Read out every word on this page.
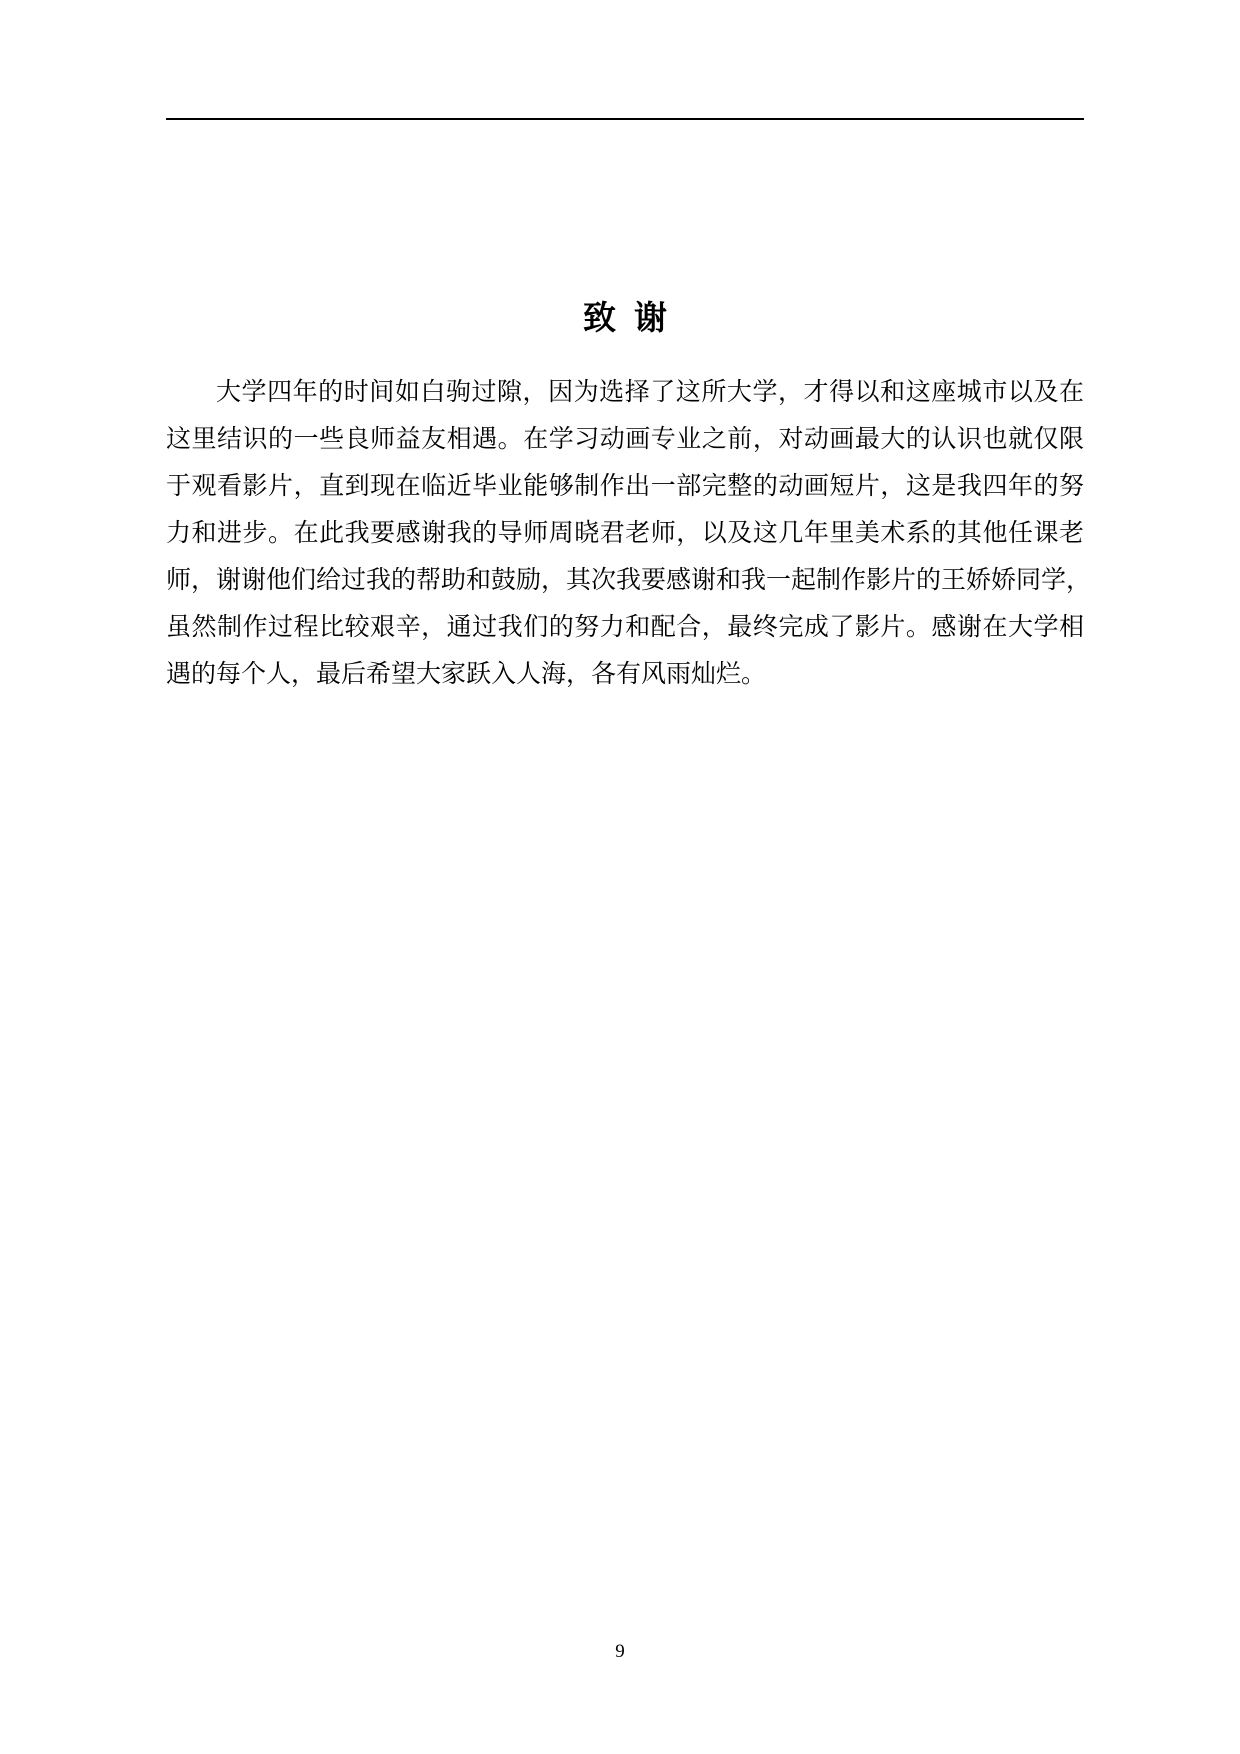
致 谢
大学四年的时间如白驹过隙，因为选择了这所大学，才得以和这座城市以及在
这里结识的一些良师益友相遇。在学习动画专业之前，对动画最大的认识也就仅限
于观看影片，直到现在临近毕业能够制作出一部完整的动画短片，这是我四年的努
力和进步。在此我要感谢我的导师周晓君老师，以及这几年里美术系的其他任课老
师，谢谢他们给过我的帮助和鼓励，其次我要感谢和我一起制作影片的王娇娇同学，
虽然制作过程比较艰辛，通过我们的努力和配合，最终完成了影片。感谢在大学相
遇的每个人，最后希望大家跃入人海，各有风雨灿烂。
9
